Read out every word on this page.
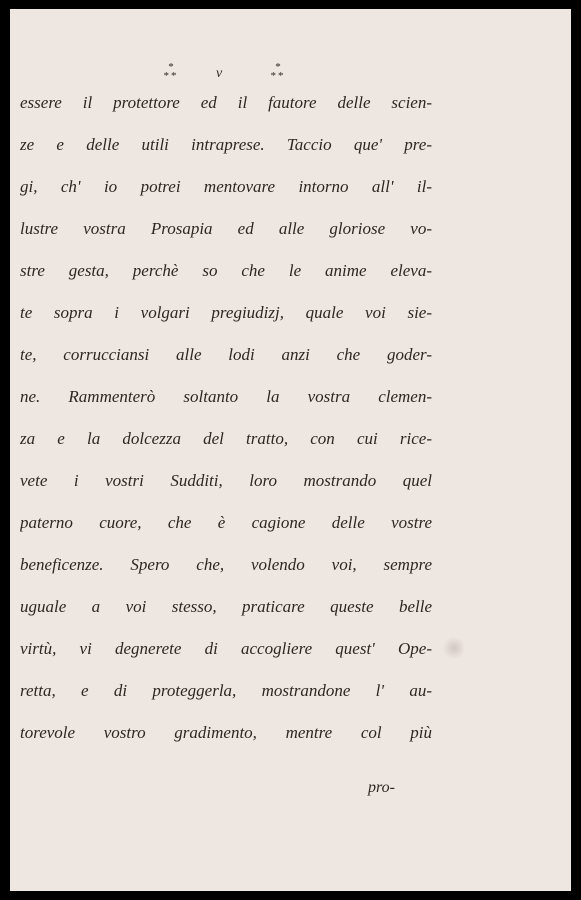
*
**	v	*
**
essere il protettore ed il fautore delle scien-
ze e delle utili intraprese. Taccio que' pre-
gi, ch' io potrei mentovare intorno all' il-
lustre vostra Prosapia ed alle gloriose vo-
stre gesta, perchè so che le anime eleva-
te sopra i volgari pregiudizj, quale voi sie-
te, corrucciansi alle lodi anzi che goder-
ne. Rammenterò soltanto la vostra clemen-
za e la dolcezza del tratto, con cui rice-
vete i vostri Sudditi, loro mostrando quel
paterno cuore, che è cagione delle vostre
beneficenze. Spero che, volendo voi, sempre
uguale a voi stesso, praticare queste belle
virtù, vi degnerete di accogliere quest' Ope-
retta, e di proteggerla, mostrandone l' au-
torevole vostro gradimento, mentre col più
pro-
